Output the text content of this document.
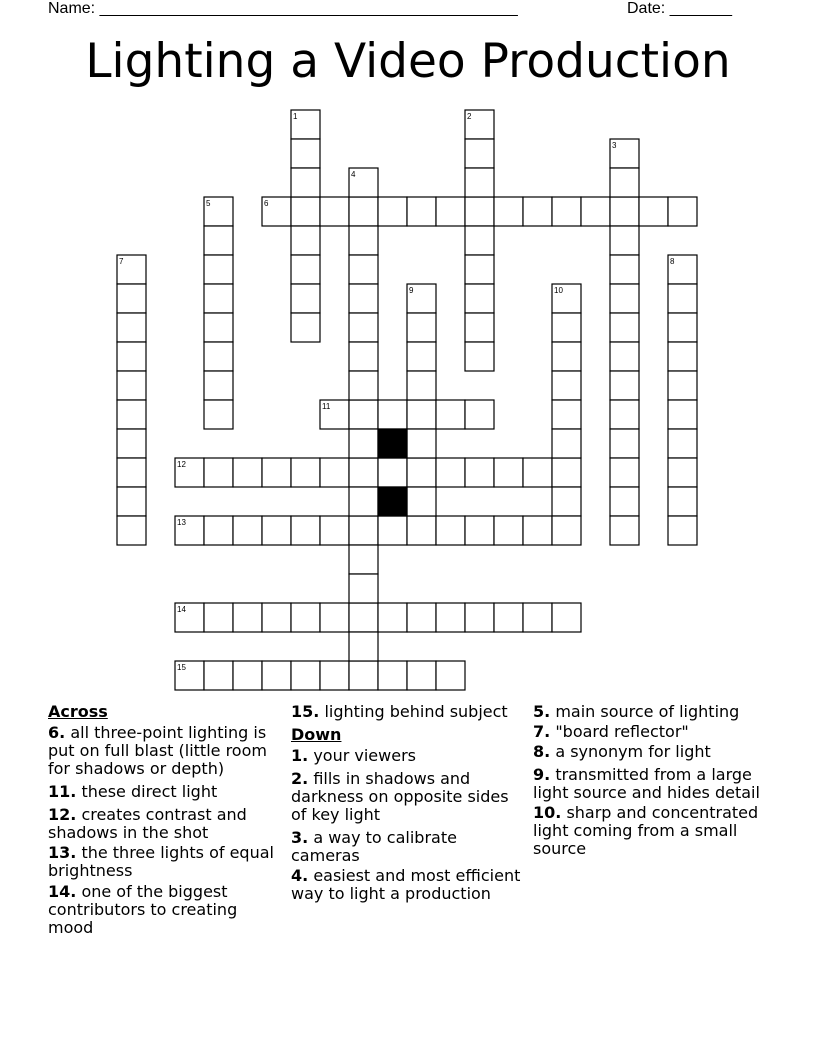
Name: _______________________________________________	Date: _______
Lighting a Video Production
6
11
12
13
15
14
1	2
3
4
5
7	8
9	10
Across
6. all three-point lighting is put on full blast (little room for shadows or depth)
11. these direct light
12. creates contrast and shadows in the shot
13. the three lights of equal brightness
14. one of the biggest contributors to creating mood
15. lighting behind subject
Down
1. your viewers
2. fills in shadows and darkness on opposite sides of key light
3. a way to calibrate cameras
4. easiest and most efficient way to light a production
5. main source of lighting
7. "board reflector"
8. a synonym for light
9. transmitted from a large light source and hides detail
10. sharp and concentrated light coming from a small source
